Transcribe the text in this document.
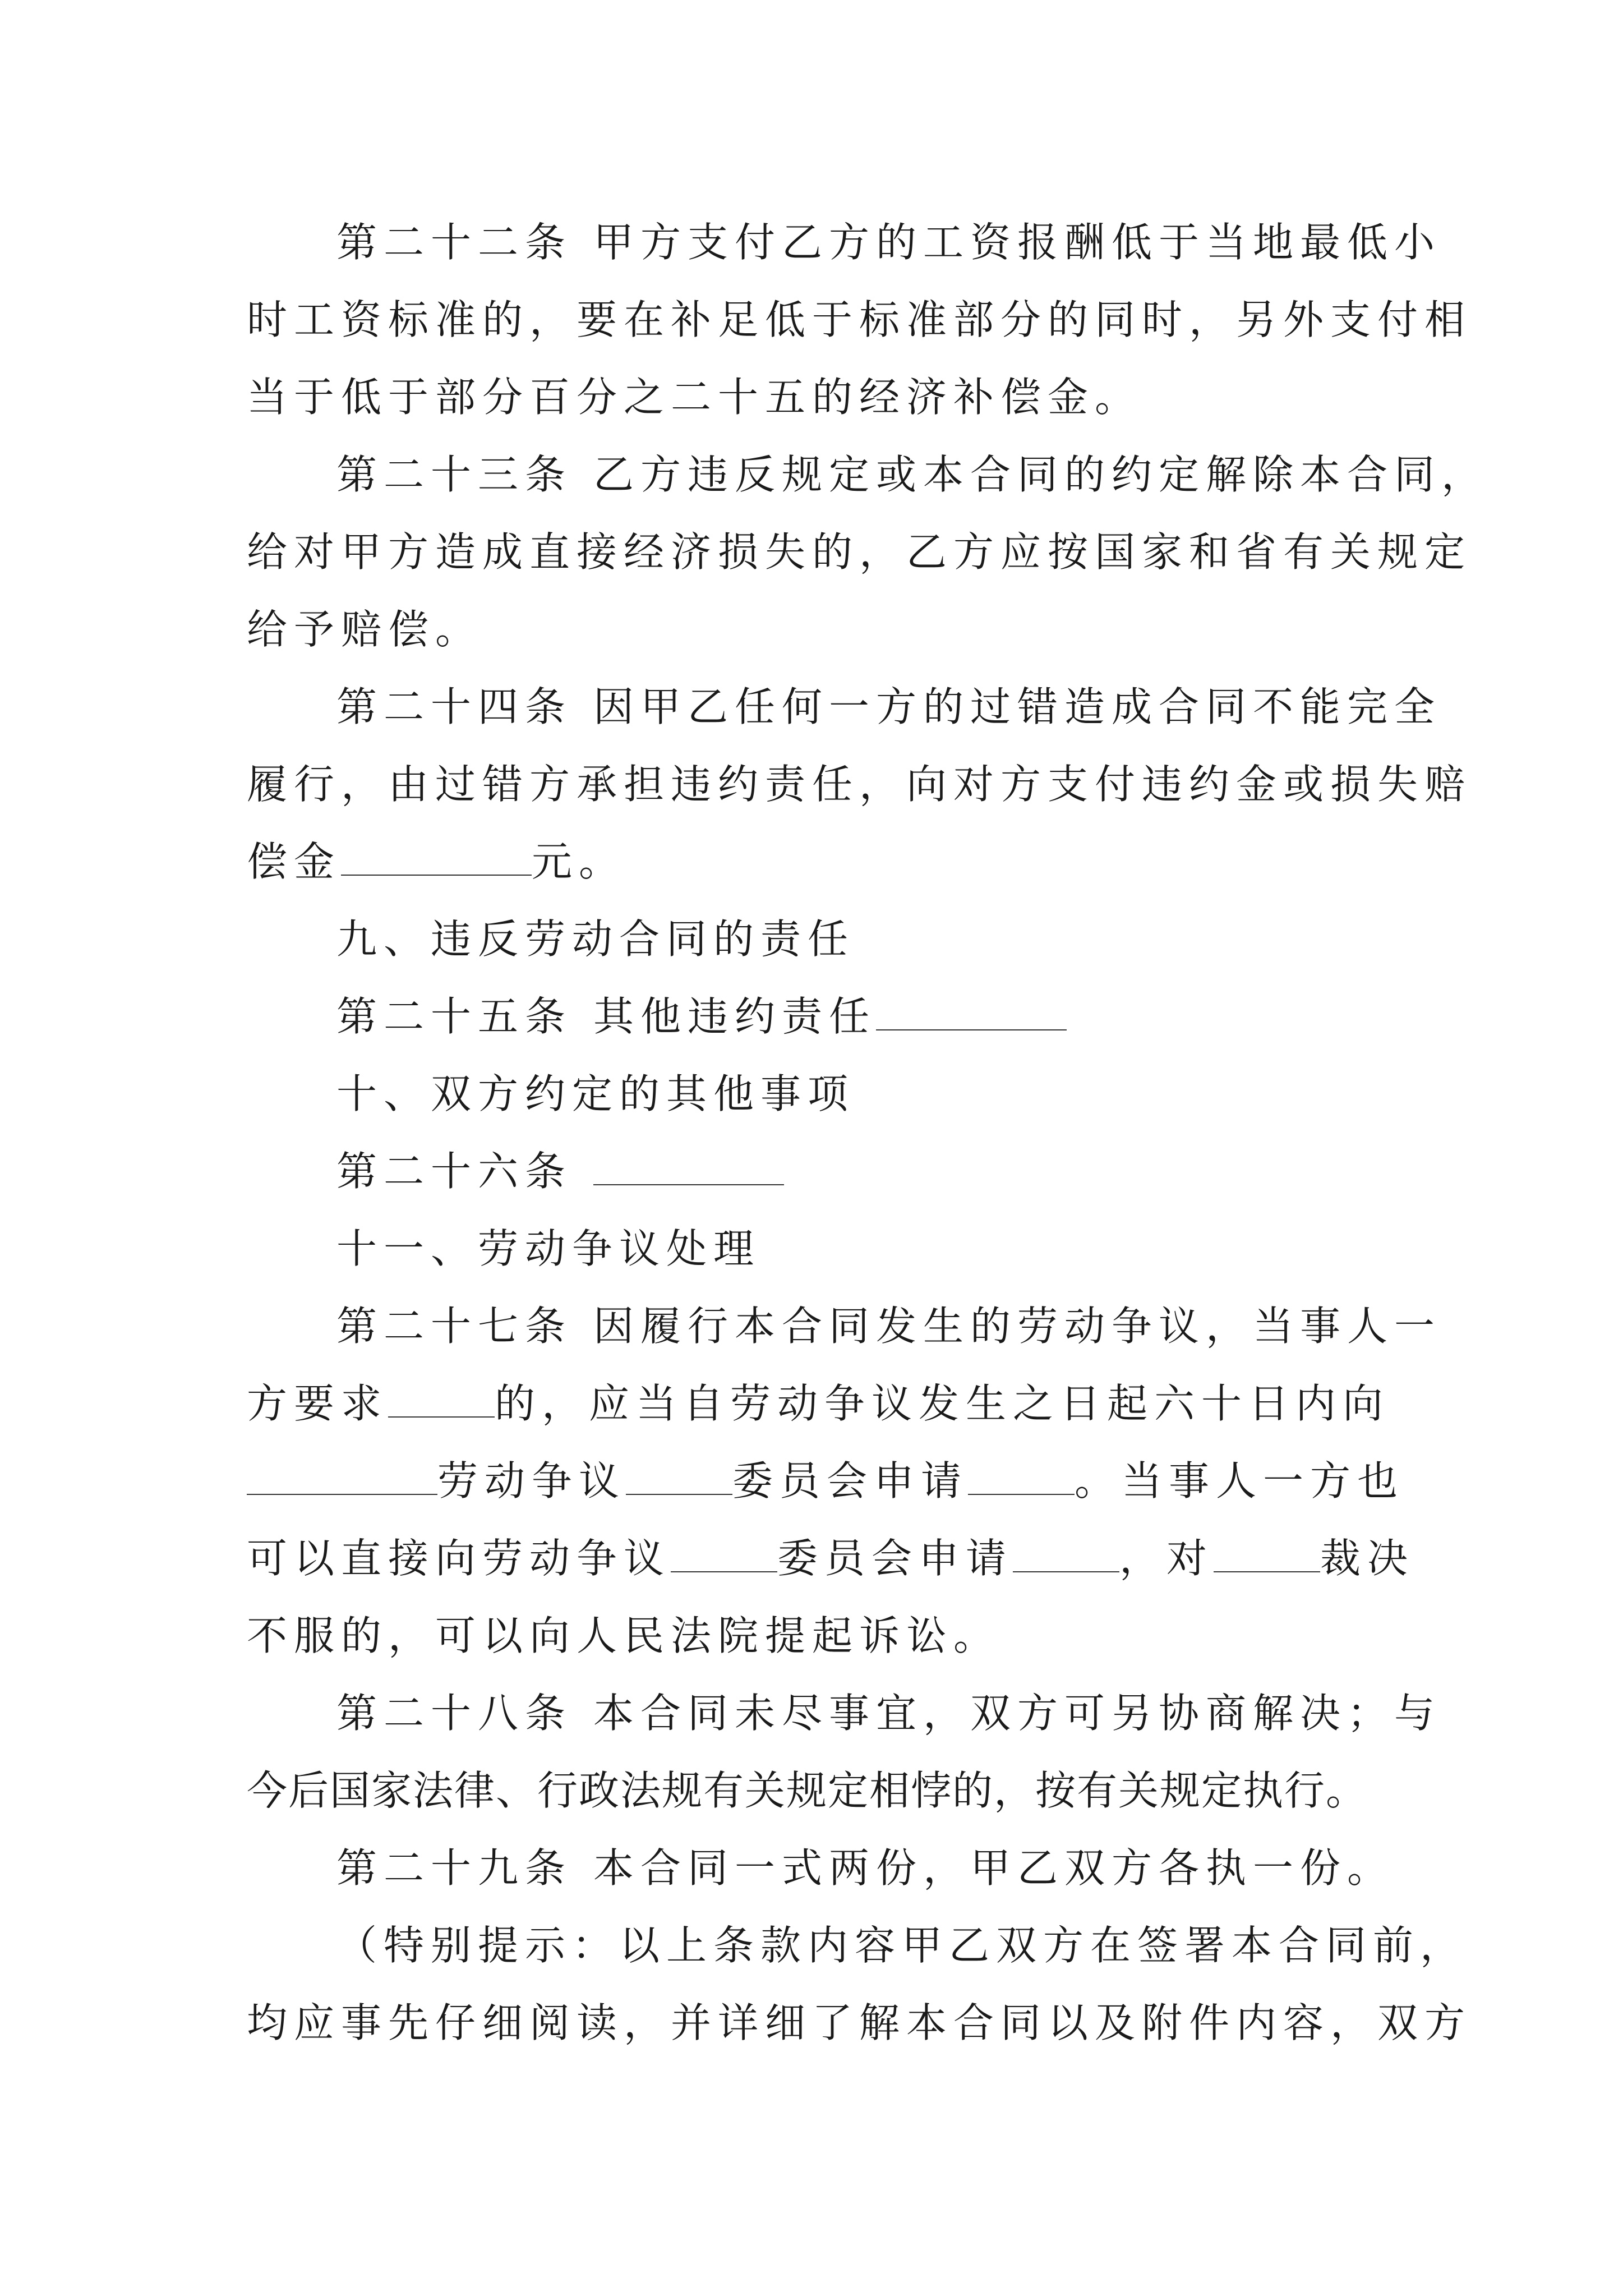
第二十二条 甲方支付乙方的工资报酬低于当地最低小
时工资标准的，要在补足低于标准部分的同时，另外支付相
当于低于部分百分之二十五的经济补偿金。
第二十三条 乙方违反规定或本合同的约定解除本合同，
给对甲方造成直接经济损失的，乙方应按国家和省有关规定
给予赔偿。
第二十四条 因甲乙任何一方的过错造成合同不能完全
履行，由过错方承担违约责任，向对方支付违约金或损失赔
偿金	元。
九、违反劳动合同的责任
第二十五条 其他违约责任
十、双方约定的其他事项
第二十六条
十一、劳动争议处理
第二十七条 因履行本合同发生的劳动争议，当事人一
方要求	的，应当自劳动争议发生之日起六十日内向
劳动争议	委员会申请	。当事人一方也
可以直接向劳动争议	委员会申请	，对	裁决
不服的，可以向人民法院提起诉讼。
第二十八条 本合同未尽事宜，双方可另协商解决；与
今后国家法律、行政法规有关规定相悖的，按有关规定执行。
第二十九条 本合同一式两份，甲乙双方各执一份。
（特别提示：以上条款内容甲乙双方在签署本合同前，
均应事先仔细阅读，并详细了解本合同以及附件内容，双方
